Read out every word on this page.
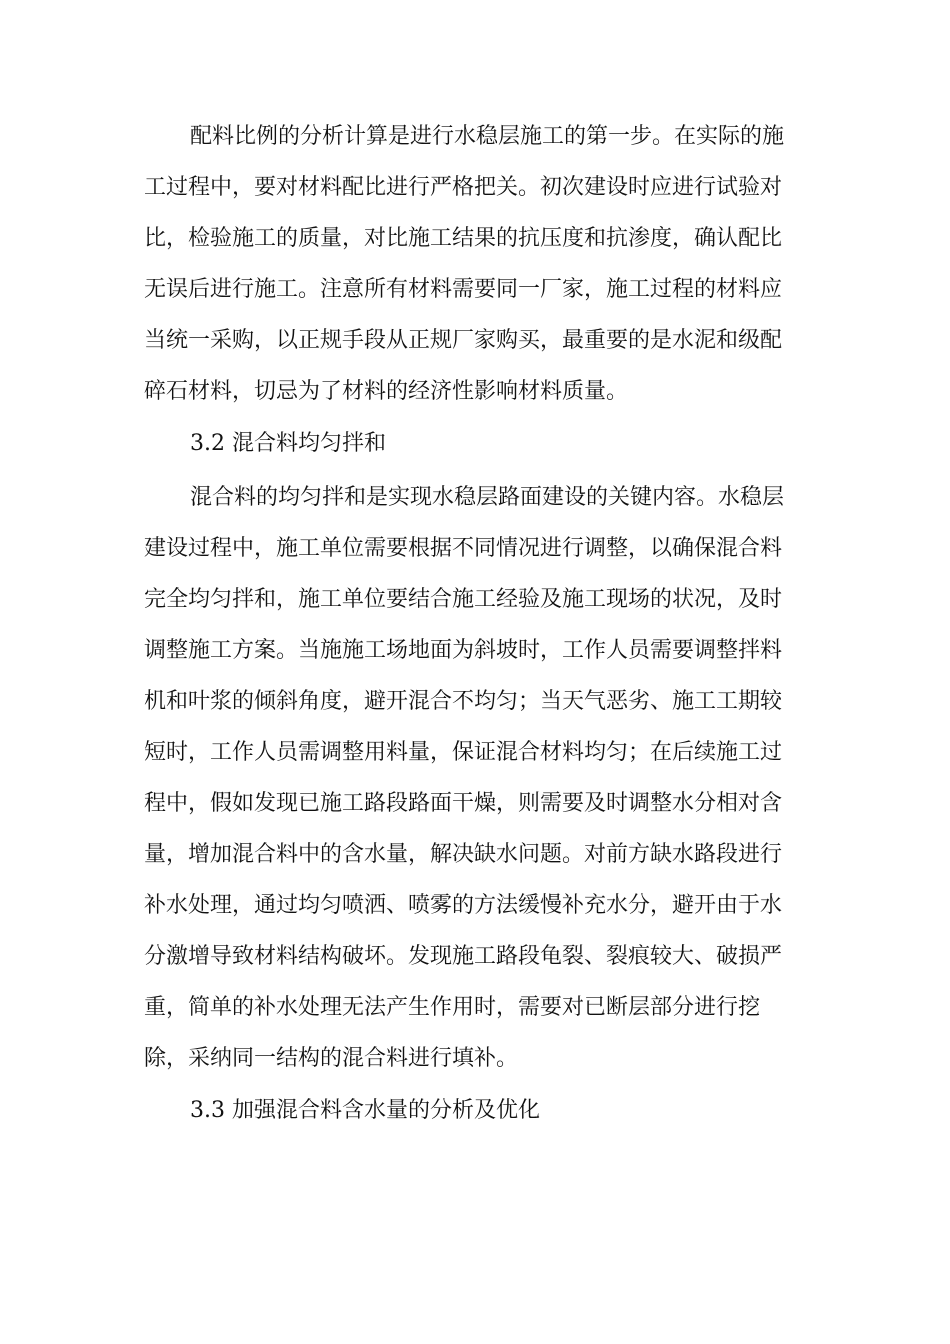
配料比例的分析计算是进行水稳层施工的第一步。在实际的施
工过程中，要对材料配比进行严格把关。初次建设时应进行试验对
比，检验施工的质量，对比施工结果的抗压度和抗渗度，确认配比
无误后进行施工。注意所有材料需要同一厂家，施工过程的材料应
当统一采购，以正规手段从正规厂家购买，最重要的是水泥和级配
碎石材料，切忌为了材料的经济性影响材料质量。
3.2 混合料均匀拌和
混合料的均匀拌和是实现水稳层路面建设的关键内容。水稳层
建设过程中，施工单位需要根据不同情况进行调整，以确保混合料
完全均匀拌和，施工单位要结合施工经验及施工现场的状况，及时
调整施工方案。当施施工场地面为斜坡时，工作人员需要调整拌料
机和叶浆的倾斜角度，避开混合不均匀；当天气恶劣、施工工期较
短时，工作人员需调整用料量，保证混合材料均匀；在后续施工过
程中，假如发现已施工路段路面干燥，则需要及时调整水分相对含
量，增加混合料中的含水量，解决缺水问题。对前方缺水路段进行
补水处理，通过均匀喷洒、喷雾的方法缓慢补充水分，避开由于水
分激增导致材料结构破坏。发现施工路段龟裂、裂痕较大、破损严
重，简单的补水处理无法产生作用时，需要对已断层部分进行挖
除，采纳同一结构的混合料进行填补。
3.3 加强混合料含水量的分析及优化
